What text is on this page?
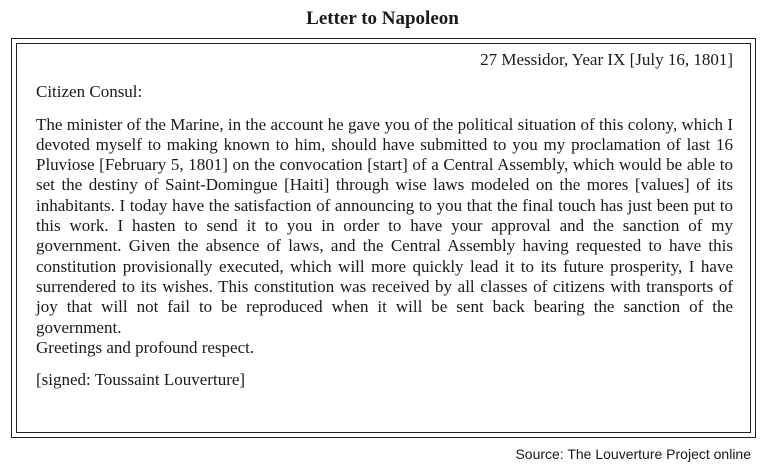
Letter to Napoleon

27 Messidor, Year IX [July 16, 1801]

Citizen Consul:

The minister of the Marine, in the account he gave you of the political situation of this colony, which I devoted myself to making known to him, should have submitted to you my proclamation of last 16 Pluviose [February 5, 1801] on the convocation [start] of a Central Assembly, which would be able to set the destiny of Saint-Domingue [Haiti] through wise laws modeled on the mores [values] of its inhabitants. I today have the satisfaction of announcing to you that the final touch has just been put to this work. I hasten to send it to you in order to have your approval and the sanction of my government. Given the absence of laws, and the Central Assembly having requested to have this constitution provisionally executed, which will more quickly lead it to its future prosperity, I have surrendered to its wishes. This constitution was received by all classes of citizens with transports of joy that will not fail to be reproduced when it will be sent back bearing the sanction of the government.

Greetings and profound respect.

[signed: Toussaint Louverture]

Source: The Louverture Project online
